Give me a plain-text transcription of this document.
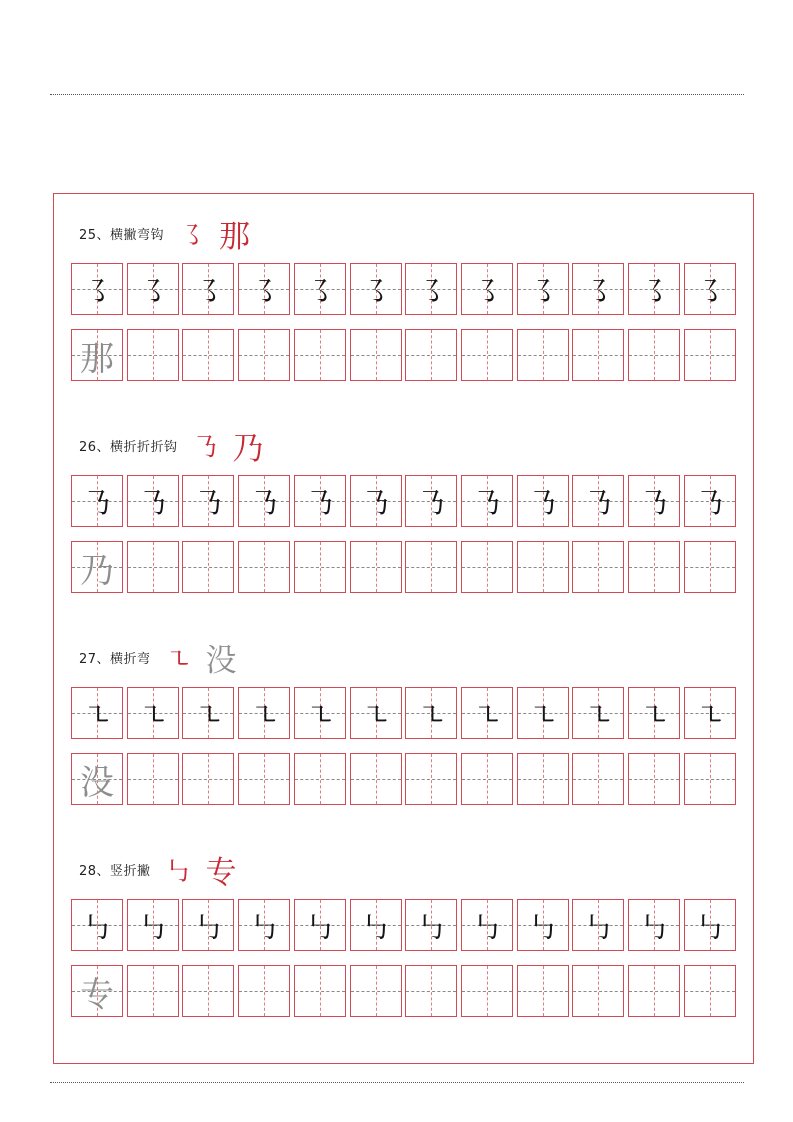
25、横撇弯钩 ㇌ 那
㇌ ㇌ ㇌ ㇌ ㇌ ㇌ ㇌ ㇌ ㇌ ㇌ ㇌ ㇌
那
26、横折折折钩 ㇡ 乃
㇡ ㇡ ㇡ ㇡ ㇡ ㇡ ㇡ ㇡ ㇡ ㇡ ㇡ ㇡
乃
27、横折弯 ㇍ 没
㇍ ㇍ ㇍ ㇍ ㇍ ㇍ ㇍ ㇍ ㇍ ㇍ ㇍ ㇍
没
28、竖折撇 ㇉ 专
㇉ ㇉ ㇉ ㇉ ㇉ ㇉ ㇉ ㇉ ㇉ ㇉ ㇉ ㇉
专
